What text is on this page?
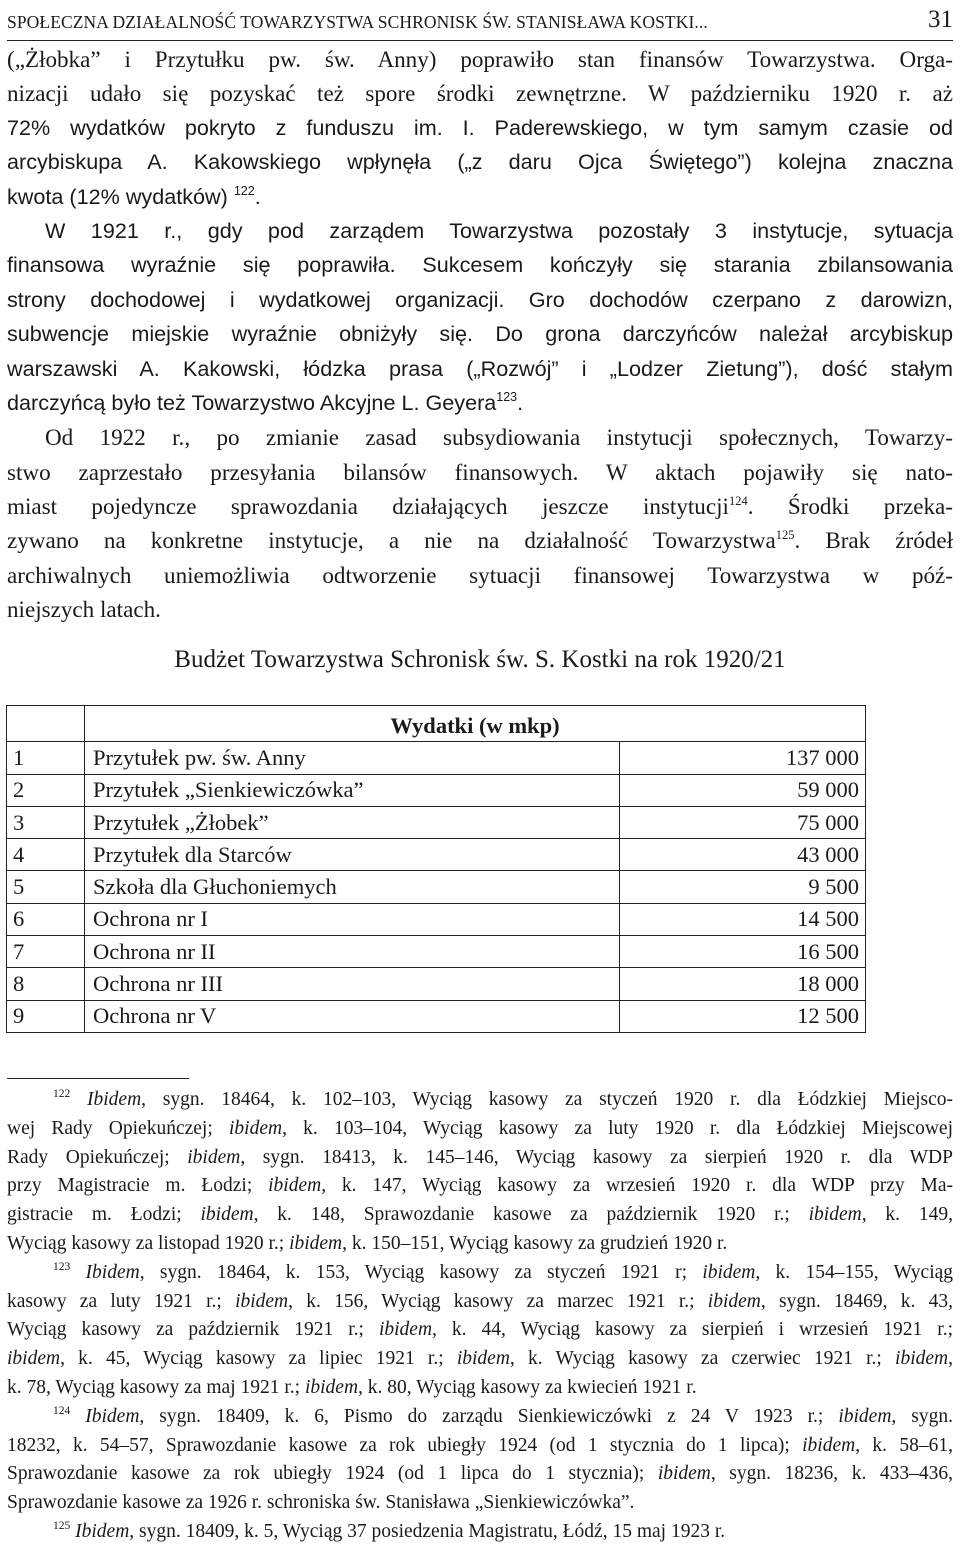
SPOŁECZNA DZIAŁALNOŚĆ TOWARZYSTWA SCHRONISK ŚW. STANISŁAWA KOSTKI...	31
(„Żłobka” i Przytułku pw. św. Anny) poprawiło stan finansów Towarzystwa. Orga-
nizacji udało się pozyskać też spore środki zewnętrzne. W październiku 1920 r. aż
72% wydatków pokryto z funduszu im. I. Paderewskiego, w tym samym czasie od
arcybiskupa A. Kakowskiego wpłynęła („z daru Ojca Świętego”) kolejna znaczna
kwota (12% wydatków) $^{122}$.
W 1921 r., gdy pod zarządem Towarzystwa pozostały 3 instytucje, sytuacja
finansowa wyraźnie się poprawiła. Sukcesem kończyły się starania zbilansowania
strony dochodowej i wydatkowej organizacji. Gro dochodów czerpano z darowizn,
subwencje miejskie wyraźnie obniżyły się. Do grona darczyńców należał arcybiskup
warszawski A. Kakowski, łódzka prasa („Rozwój” i „Lodzer Zietung”), dość stałym
darczyńcą było też Towarzystwo Akcyjne L. Geyera$^{123}$.
Od 1922 r., po zmianie zasad subsydiowania instytucji społecznych, Towarzy-
stwo zaprzestało przesyłania bilansów finansowych. W aktach pojawiły się nato-
miast pojedyncze sprawozdania działających jeszcze instytucji$^{124}$. Środki przeka-
zywano na konkretne instytucje, a nie na działalność Towarzystwa$^{125}$. Brak źródeł
archiwalnych uniemożliwia odtworzenie sytuacji finansowej Towarzystwa w póź-
niejszych latach.
Budżet Towarzystwa Schronisk św. S. Kostki na rok 1920/21
	Wydatki (w mkp)	
1	Przytułek pw. św. Anny	137 000
2	Przytułek „Sienkiewiczówka”	59 000
3	Przytułek „Żłobek”	75 000
4	Przytułek dla Starców	43 000
5	Szkoła dla Głuchoniemych	9 500
6	Ochrona nr I	14 500
7	Ochrona nr II	16 500
8	Ochrona nr III	18 000
9	Ochrona nr V	12 500
$^{122}$ Ibidem, sygn. 18464, k. 102–103, Wyciąg kasowy za styczeń 1920 r. dla Łódzkiej Miejsco-
wej Rady Opiekuńczej; ibidem, k. 103–104, Wyciąg kasowy za luty 1920 r. dla Łódzkiej Miejscowej
Rady Opiekuńczej; ibidem, sygn. 18413, k. 145–146, Wyciąg kasowy za sierpień 1920 r. dla WDP
przy Magistracie m. Łodzi; ibidem, k. 147, Wyciąg kasowy za wrzesień 1920 r. dla WDP przy Ma-
gistracie m. Łodzi; ibidem, k. 148, Sprawozdanie kasowe za październik 1920 r.; ibidem, k. 149,
Wyciąg kasowy za listopad 1920 r.; ibidem, k. 150–151, Wyciąg kasowy za grudzień 1920 r.
$^{123}$ Ibidem, sygn. 18464, k. 153, Wyciąg kasowy za styczeń 1921 r; ibidem, k. 154–155, Wyciąg
kasowy za luty 1921 r.; ibidem, k. 156, Wyciąg kasowy za marzec 1921 r.; ibidem, sygn. 18469, k. 43,
Wyciąg kasowy za październik 1921 r.; ibidem, k. 44, Wyciąg kasowy za sierpień i wrzesień 1921 r.;
ibidem, k. 45, Wyciąg kasowy za lipiec 1921 r.; ibidem, k. Wyciąg kasowy za czerwiec 1921 r.; ibidem,
k. 78, Wyciąg kasowy za maj 1921 r.; ibidem, k. 80, Wyciąg kasowy za kwiecień 1921 r.
$^{124}$ Ibidem, sygn. 18409, k. 6, Pismo do zarządu Sienkiewiczówki z 24 V 1923 r.; ibidem, sygn.
18232, k. 54–57, Sprawozdanie kasowe za rok ubiegły 1924 (od 1 stycznia do 1 lipca); ibidem, k. 58–61,
Sprawozdanie kasowe za rok ubiegły 1924 (od 1 lipca do 1 stycznia); ibidem, sygn. 18236, k. 433–436,
Sprawozdanie kasowe za 1926 r. schroniska św. Stanisława „Sienkiewiczówka”.
$^{125}$ Ibidem, sygn. 18409, k. 5, Wyciąg 37 posiedzenia Magistratu, Łódź, 15 maj 1923 r.
